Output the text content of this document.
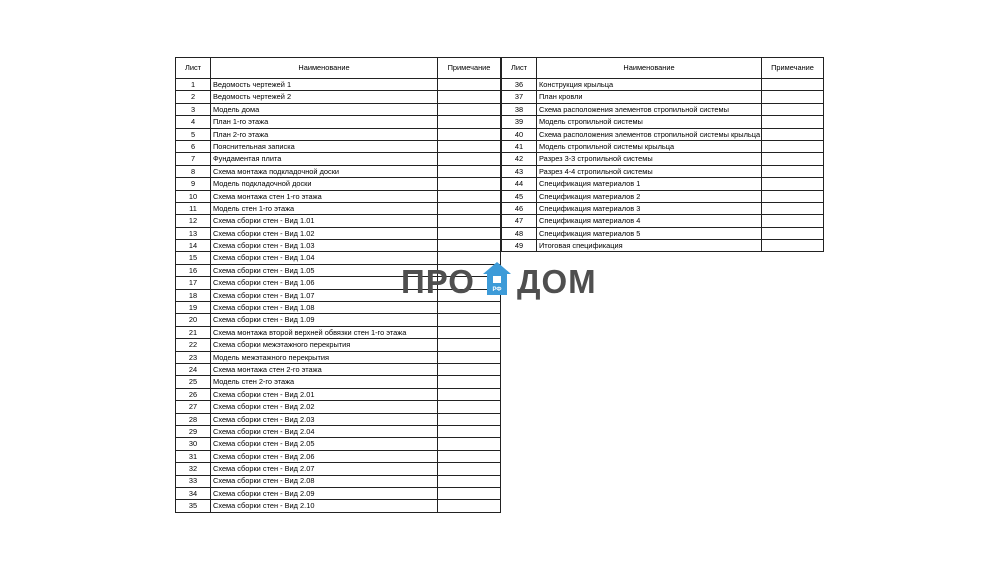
Лист	Наименование	Примечание
1	Ведомость чертежей 1	
2	Ведомость чертежей 2	
3	Модель дома	
4	План 1-го этажа	
5	План 2-го этажа	
6	Пояснительная записка	
7	Фундаментая плита	
8	Схема монтажа подкладочной доски	
9	Модель подкладочной доски	
10	Схема монтажа стен 1-го этажа	
11	Модель стен 1-го этажа	
12	Схема сборки стен - Вид 1.01	
13	Схема сборки стен - Вид 1.02	
14	Схема сборки стен - Вид 1.03	
15	Схема сборки стен - Вид 1.04	
16	Схема сборки стен - Вид 1.05	
17	Схема сборки стен - Вид 1.06	
18	Схема сборки стен - Вид 1.07	
19	Схема сборки стен - Вид 1.08	
20	Схема сборки стен - Вид 1.09	
21	Схема монтажа второй верхней обвязки стен 1-го этажа	
22	Схема сборки межэтажного перекрытия	
23	Модель межэтажного перекрытия	
24	Схема монтажа стен 2-го этажа	
25	Модель стен 2-го этажа	
26	Схема сборки стен - Вид 2.01	
27	Схема сборки стен - Вид 2.02	
28	Схема сборки стен - Вид 2.03	
29	Схема сборки стен - Вид 2.04	
30	Схема сборки стен - Вид 2.05	
31	Схема сборки стен - Вид 2.06	
32	Схема сборки стен - Вид 2.07	
33	Схема сборки стен - Вид 2.08	
34	Схема сборки стен - Вид 2.09	
35	Схема сборки стен - Вид 2.10	
Лист	Наименование	Примечание
36	Конструкция крыльца	
37	План кровли	
38	Схема расположения элементов стропильной системы	
39	Модель стропильной системы	
40	Схема расположения элементов стропильной системы крыльца	
41	Модель стропильной системы крыльца	
42	Разрез 3-3 стропильной системы	
43	Разрез 4-4 стропильной системы	
44	Спецификация материалов 1	
45	Спецификация материалов 2	
46	Спецификация материалов 3	
47	Спецификация материалов 4	
48	Спецификация материалов 5	
49	Итоговая спецификация	
ПРО	РФ ДОМ
